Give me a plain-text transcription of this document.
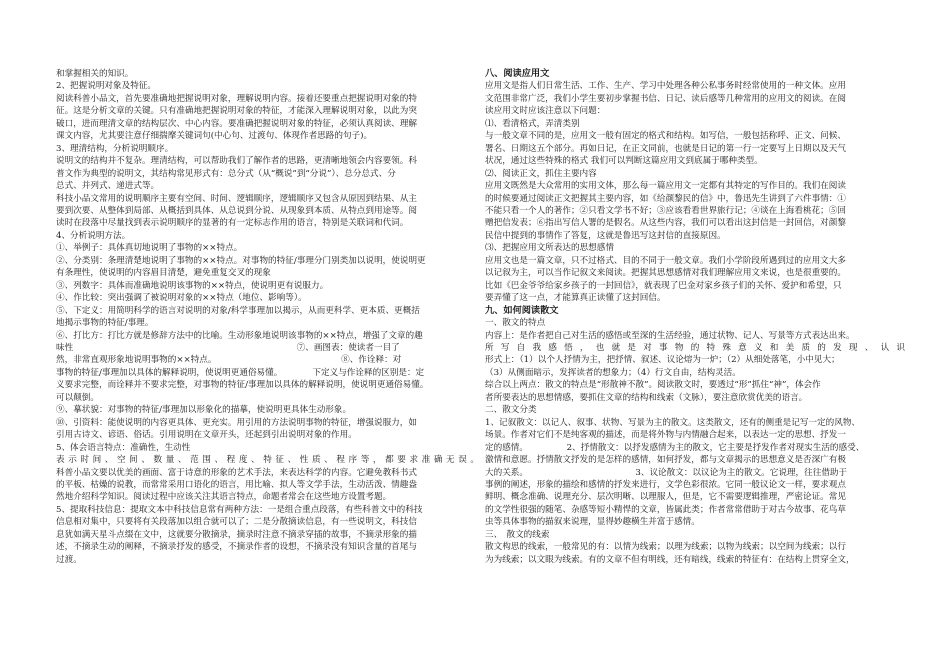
和掌握相关的知识。

2、把握说明对象及特征。

阅读科普小品文，首先要准确地把握说明对象，理解说明内容。接着还要重点把握说明对象的特

征。这是分析文章的关键。只有准确地把握说明对象的特征，才能深入理解说明对象，以此为突

破口，进而理清文章的结构层次、中心内容。要准确把握说明对象的特征，必须认真阅读、理解

课文内容，尤其要注意仔细揣摩关键词句(中心句、过渡句、体现作者思路的句子)。

3、理清结构，分析说明顺序。

说明文的结构并不复杂。理清结构，可以帮助我们了解作者的思路，更清晰地领会内容要领。科

普文作为典型的说明文，其结构常见形式有：总分式（从“概说”到“分说”）、总分总式、分

总式、并列式、递进式等。

科技小品文常用的说明顺序主要有空间、时间、逻辑顺序，逻辑顺序又包含从原因到结果、从主

要到次要、从整体到局部、从概括到具体、从总说到分说、从现象到本质、从特点到用途等。阅

读时在段落中尽量找到表示说明顺序的显著的有一定标志作用的语言，特别是关联词和代词。

4、分析说明方法。

①、举例子：具体真切地说明了事物的××特点。

②、分类别：条理清楚地说明了事物的××特点。对事物的特征/事理分门别类加以说明，使说明更

有条理性，使说明的内容眉目清楚，避免重复交叉的现象

③、列数字：具体而准确地说明该事物的××特点，使说明更有说服力。

④、作比较：突出强调了被说明对象的××特点（地位、影响等）。

⑤、下定义：用简明科学的语言对说明的对象/科学事理加以揭示，从而更科学、更本质、更概括

地揭示事物的特征/事理。

⑥、打比方：打比方就是修辞方法中的比喻。生动形象地说明该事物的××特点，增强了文章的趣

味性　　　　　　　　　　　　　　　　　　　　　　　　　　⑦、画图表：使读者一目了

然，非常直观形象地说明事物的××特点。　　　　　　　　　　　　　　　⑧、作诠释：对

事物的特征/事理加以具体的解释说明，使说明更通俗易懂。　　　　下定义与作诠释的区别是：定

义要求完整，而诠释并不要求完整，对事物的特征/事理加以具体的解释说明，使说明更通俗易懂。

可以颠倒。

⑨、摹状貌：对事物的特征/事理加以形象化的描摹，使说明更具体生动形象。

⑩、引资料：能使说明的内容更具体、更充实。用引用的方法说明事物的特征，增强说服力，如

引用古诗文、谚语、俗话。引用说明在文章开头，还起到引出说明对象的作用。

5、体会语言特点：准确性，生动性

表示时间、空间、数量、范围、程度、特征、性质、程序等，都要求准确无误。

科普小品文要以优美的画面、富于诗意的形象的艺术手法，来表达科学的内容。它避免教科书式

的平板、枯燥的说教，而常常采用口语化的语言，用比喻、拟人等文学手法，生动活泼、情趣盎

然地介绍科学知识。阅读过程中应该关注其语言特点，命题者常会在这些地方设置考题。

5、提取科技信息：提取文本中科技信息常有两种方法：一是组合重点段落，有些科普文中的科技

信息相对集中，只要将有关段落加以组合就可以了；二是分散摘读信息，有一些说明文，科技信

息犹如满天星斗点缀在文中，这就要分散摘录，摘录时注意不摘录穿插的故事，不摘录形象的描

述，不摘录生动的阐释，不摘录抒发的感受，不摘录作者的设想，不摘录没有知识含量的首尾与

过渡。

八、阅读应用文

应用文是指人们日常生活、工作、生产、学习中处理各种公私事务时经常使用的一种文体。应用

文范围非常广泛，我们小学生要初步掌握书信、日记、读后感等几种常用的应用文的阅读。在阅

读应用文时应该注意以下问题：

⑴、看清格式，弄清类别

与一般文章不同的是，应用文一般有固定的格式和结构。如写信，一般包括称呼、正文、问候、

署名、日期这五个部分。再如日记，在正文同前，也就是日记的第一行一定要写上日期以及天气

状况，通过这些特殊的格式 我们可以判断这篇应用文到底属于哪种类型。

⑵、阅读正文，抓住主要内容

应用文既然是大众常用的实用文体，那么每一篇应用文一定都有其特定的写作目的。我们在阅读

的时候要通过阅读正文把握其主要内容，如《给颜黎民的信》中，鲁迅先生讲到了六件事情：①

不能只看一个人的著作；②只看文学书不好；③应该看看世界旅行记；④谈在上海看桃花；⑤回

赠把信发表；⑥指出写信人署的是假名。从这些内容，我们可以看出这封信是一封回信，对颜黎

民信中提到的事情作了答复，这就是鲁迅写这封信的直接原因。

⑶、把握应用文所表达的思想感情

应用文也是一篇文章，只不过格式、目的不同于一般文章。我们小学阶段所遇到过的应用文大多

以记叙为主，可以当作记叙文来阅读。把握其思想感情对我们理解应用文来说，也是很重要的。

比如《巴金爷爷给家乡孩子的一封回信》，就表现了巴金对家乡孩子们的关怀、爱护和希望，只

要弄懂了这一点，才能算真正读懂了这封回信。

九、如何阅读散文

一、散文的特点

内容上：是作者把自己对生活的感悟或至深的生活经验，通过状物、记人、写景等方式表达出来。

所写自我感悟，也就是对事物的特殊意义和美质的发现、认识

形式上：（1）以个人抒情为主，把抒情、叙述、议论熔为一炉；（2）从细处落笔，小中见大；

（3）从侧面暗示，发挥读者的想象力；（4）行文自由，结构灵活。

综合以上两点：散文的特点是“形散神不散”。阅读散文时，要透过“形”抓住“神”，体会作

者所要表达的思想情感，要抓住文章的结构和线索（文脉），要注意欣赏优美的语言。

二、散文分类

1、记叙散文：以记人、叙事、状物、写景为主的散文。这类散文，还有的侧重是记写一定的风物、

场景。作者对它们不是纯客观的描述，而是将外物与内情融合起来，以表达一定的思想、抒发一

定的感情。　　　　　2、抒情散文：以抒发感情为主的散文，它主要是抒发作者对现实生活的感受、

激情和意愿。抒情散文抒发的是怎样的感情，如何抒发，都与文章揭示的思想意义是否深广有极

大的关系。　　　　　　　　　　　　　3、议论散文：以议论为主的散文。它说理，往往借助于

事例的阐述，形象的描绘和感情的抒发来进行，文学色彩很浓。它同一般议论文一样，要求观点

鲜明、概念准确、说理充分、层次明晰、以理服人，但是，它不需要逻辑推理，严密论证。常见

的文学性很强的随笔、杂感等短小精悍的文章，皆属此类；作者常常借助于对古今故事、花鸟草

虫等具体事物的描叙来说理，显得妙趣横生并富于感情。

三、　散文的线索

散文构思的线索，一般常见的有：以情为线索；以理为线索；以物为线索；以空间为线索；以行

为为线索；以文眼为线索。有的文章不但有明线，还有暗线，线索的特征有：在结构上贯穿全文，
